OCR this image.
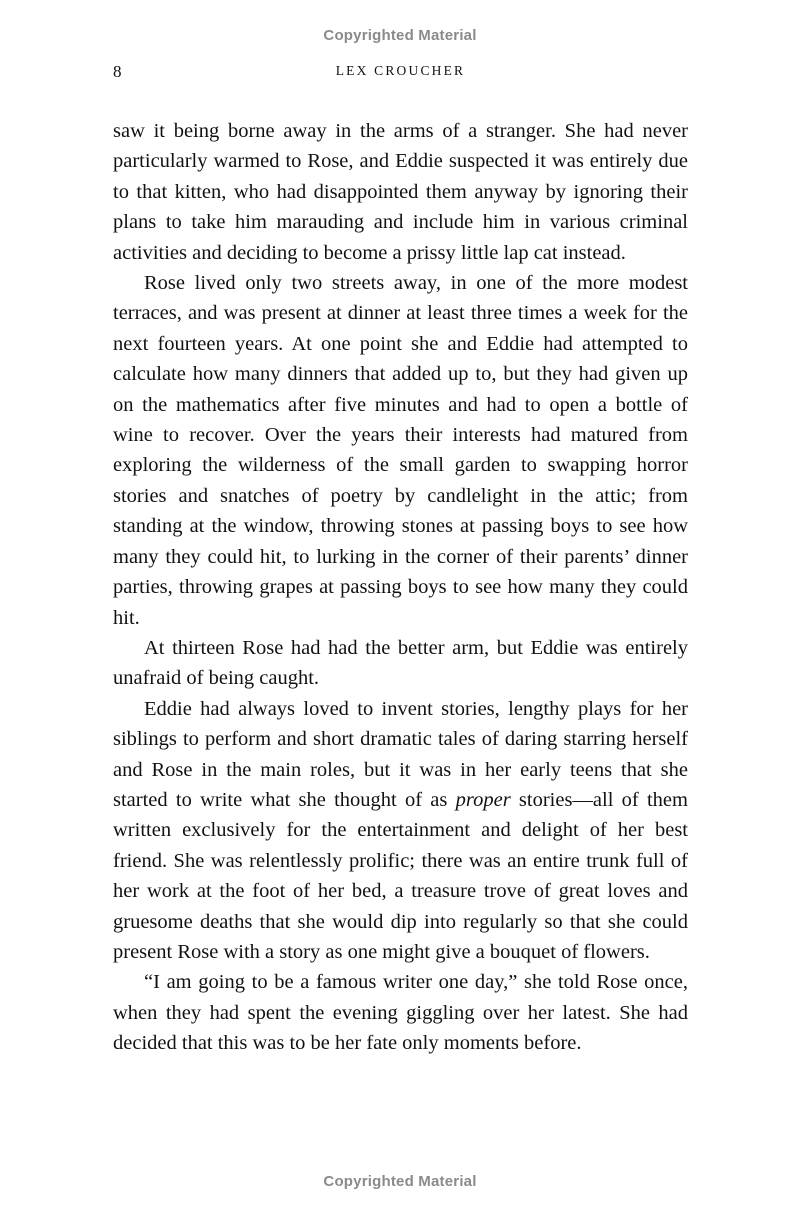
Copyrighted Material
8	LEX CROUCHER

saw it being borne away in the arms of a stranger. She had never particularly warmed to Rose, and Eddie suspected it was entirely due to that kitten, who had disappointed them anyway by ignoring their plans to take him marauding and include him in various criminal activities and deciding to become a prissy little lap cat instead.

Rose lived only two streets away, in one of the more modest terraces, and was present at dinner at least three times a week for the next fourteen years. At one point she and Eddie had attempted to calculate how many dinners that added up to, but they had given up on the mathematics after five minutes and had to open a bottle of wine to recover. Over the years their interests had matured from exploring the wilderness of the small garden to swapping horror stories and snatches of poetry by candlelight in the attic; from standing at the window, throwing stones at passing boys to see how many they could hit, to lurking in the corner of their parents’ dinner parties, throwing grapes at passing boys to see how many they could hit.

At thirteen Rose had had the better arm, but Eddie was entirely unafraid of being caught.

Eddie had always loved to invent stories, lengthy plays for her siblings to perform and short dramatic tales of daring starring herself and Rose in the main roles, but it was in her early teens that she started to write what she thought of as proper stories—all of them written exclusively for the entertainment and delight of her best friend. She was relentlessly prolific; there was an entire trunk full of her work at the foot of her bed, a treasure trove of great loves and gruesome deaths that she would dip into regularly so that she could present Rose with a story as one might give a bouquet of flowers.

“I am going to be a famous writer one day,” she told Rose once, when they had spent the evening giggling over her latest. She had decided that this was to be her fate only moments before.

Copyrighted Material
